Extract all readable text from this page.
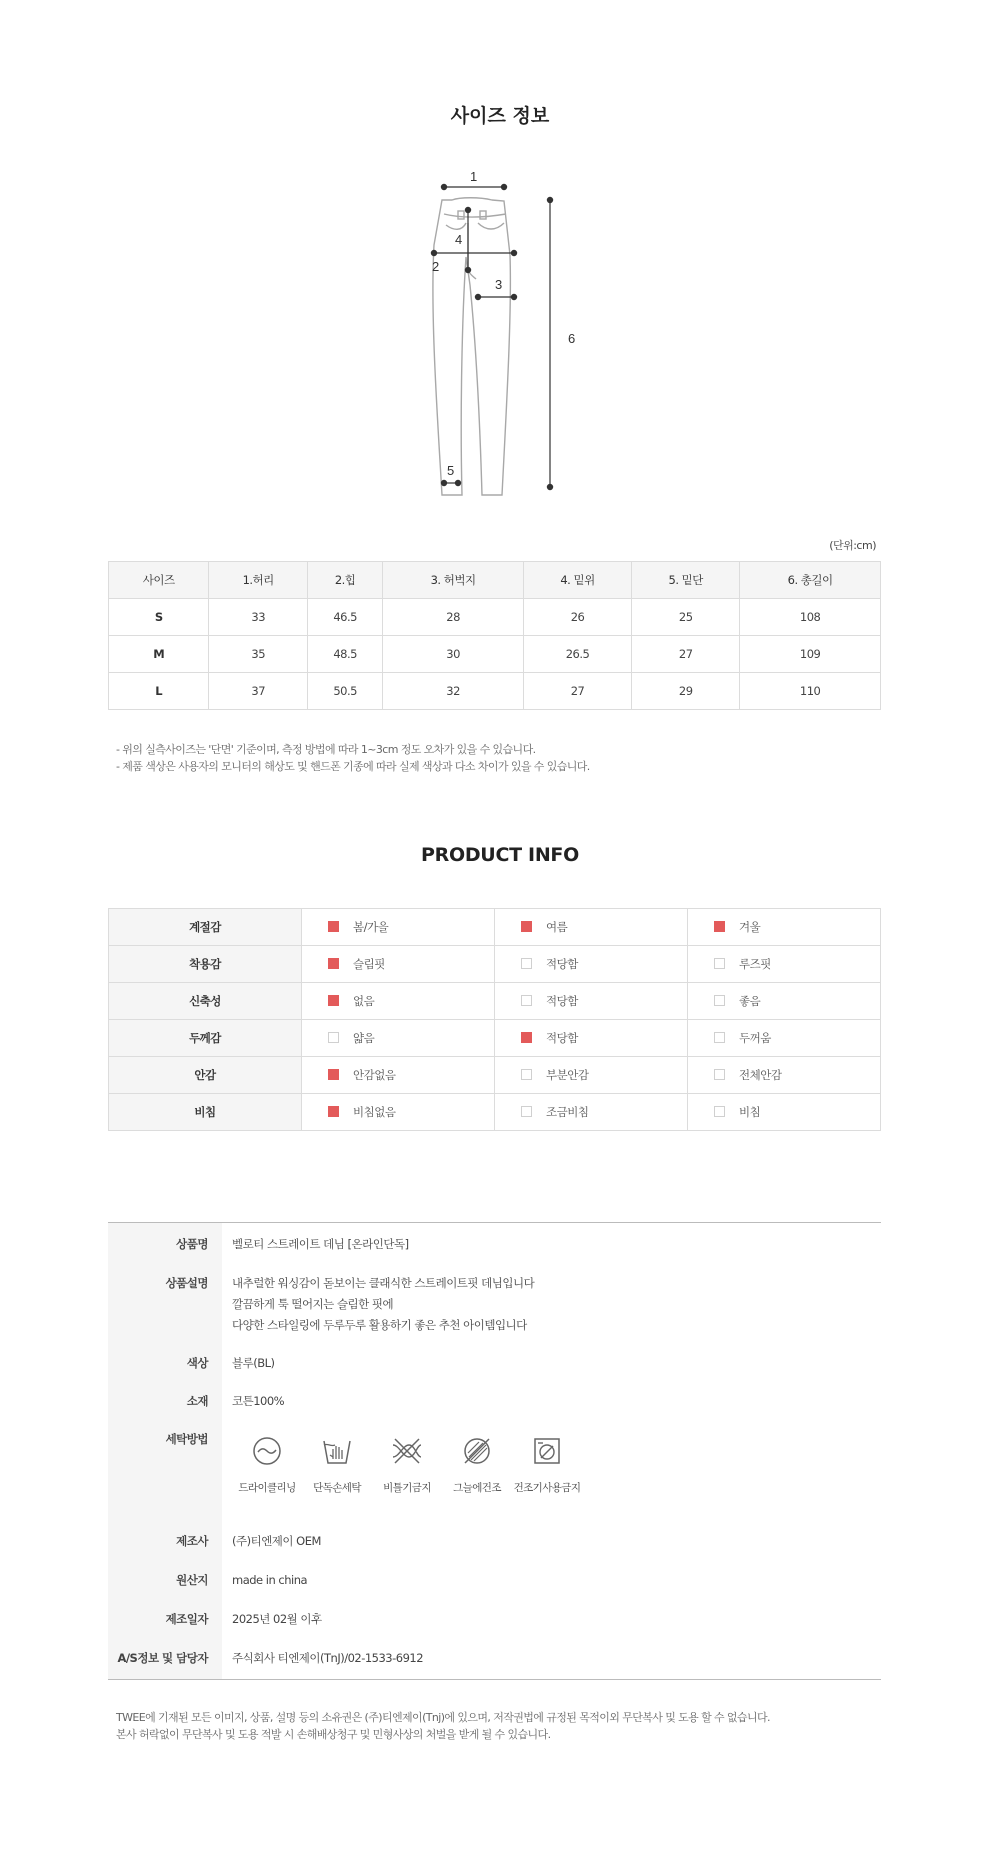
사이즈 정보
1
2
3
4
5
6
(단위:cm)
사이즈	1.허리	2.힙	3. 허벅지	4. 밑위	5. 밑단	6. 총길이
S	33	46.5	28	26	25	108
M	35	48.5	30	26.5	27	109
L	37	50.5	32	27	29	110
- 위의 실측사이즈는 '단면' 기준이며, 측정 방법에 따라 1~3cm 정도 오차가 있을 수 있습니다.
- 제품 색상은 사용자의 모니터의 해상도 및 핸드폰 기종에 따라 실제 색상과 다소 차이가 있을 수 있습니다.
PRODUCT INFO
계절감	봄/가을	여름	겨울
착용감	슬림핏	적당함	루즈핏
신축성	없음	적당함	좋음
두께감	얇음	적당함	두꺼움
안감	안감없음	부분안감	전체안감
비침	비침없음	조금비침	비침
상품명	벨로티 스트레이트 데님 [온라인단독]
상품설명	내추럴한 워싱감이 돋보이는 클래식한 스트레이트핏 데님입니다
깔끔하게 툭 떨어지는 슬림한 핏에
다양한 스타일링에 두루두루 활용하기 좋은 추천 아이템입니다
색상	블루(BL)
소재	코튼100%
세탁방법
드라이클리닝	단독손세탁	비틀기금지	그늘에건조	건조기사용금지
제조사	(주)티엔제이 OEM
원산지	made in china
제조일자	2025년 02월 이후
A/S정보 및 담당자	주식회사 티엔제이(TnJ)/02-1533-6912
TWEE에 기재된 모든 이미지, 상품, 설명 등의 소유권은 (주)티엔제이(Tnj)에 있으며, 저작권법에 규정된 목적이외 무단복사 및 도용 할 수 없습니다.
본사 허락없이 무단복사 및 도용 적발 시 손해배상청구 및 민형사상의 처벌을 받게 될 수 있습니다.
